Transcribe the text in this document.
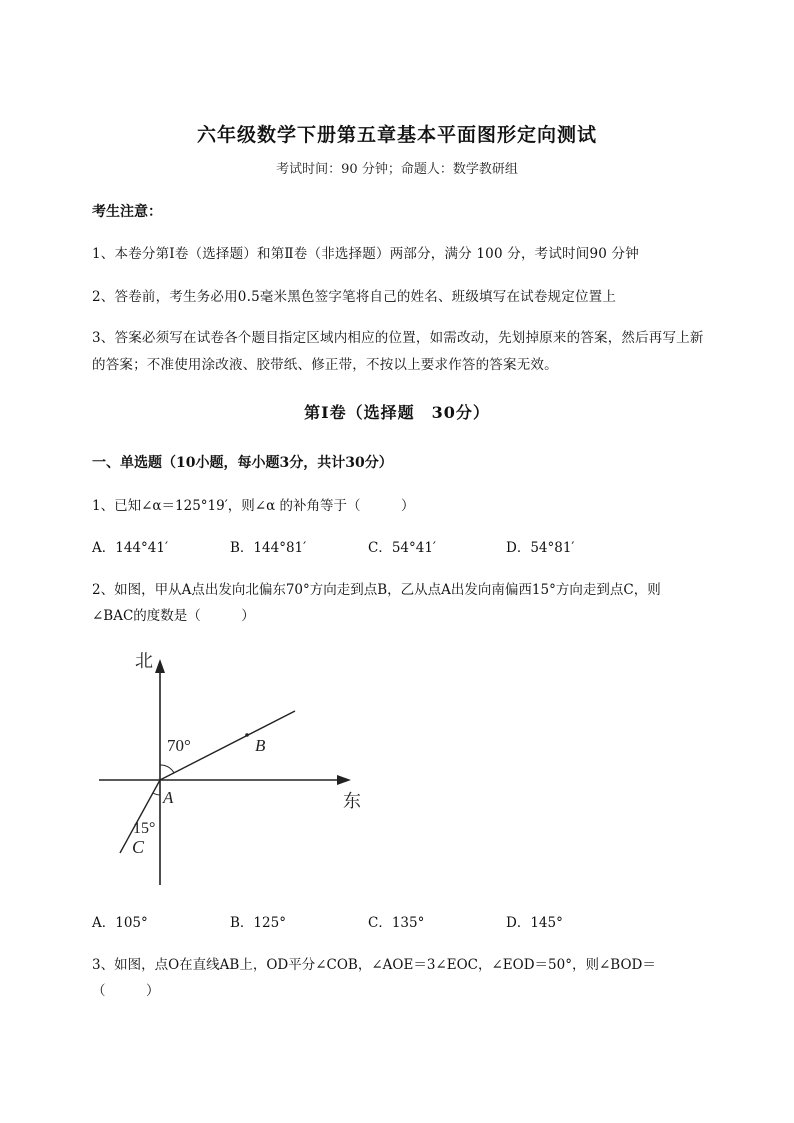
六年级数学下册第五章基本平面图形定向测试
考试时间：90 分钟；命题人：数学教研组
考生注意：
1、本卷分第Ⅰ卷（选择题）和第Ⅱ卷（非选择题）两部分，满分 100 分，考试时间90 分钟
2、答卷前，考生务必用0.5毫米黑色签字笔将自己的姓名、班级填写在试卷规定位置上
3、答案必须写在试卷各个题目指定区域内相应的位置，如需改动，先划掉原来的答案，然后再写上新
的答案；不准使用涂改液、胶带纸、修正带，不按以上要求作答的答案无效。
第Ⅰ卷（选择题　30分）
一、单选题（10小题，每小题3分，共计30分）
1、已知∠α＝125°19′，则∠α 的补角等于（　　　）
A．144°41′	B．144°81′	C．54°41′	D．54°81′
2、如图，甲从A点出发向北偏东70°方向走到点B，乙从点A出发向南偏西15°方向走到点C，则
∠BAC的度数是（　　　）
北
东
70°
15°
A
B
C
A．105°	B．125°	C．135°	D．145°
3、如图，点O在直线AB上，OD平分∠COB，∠AOE＝3∠EOC，∠EOD＝50°，则∠BOD＝
（　　　）
